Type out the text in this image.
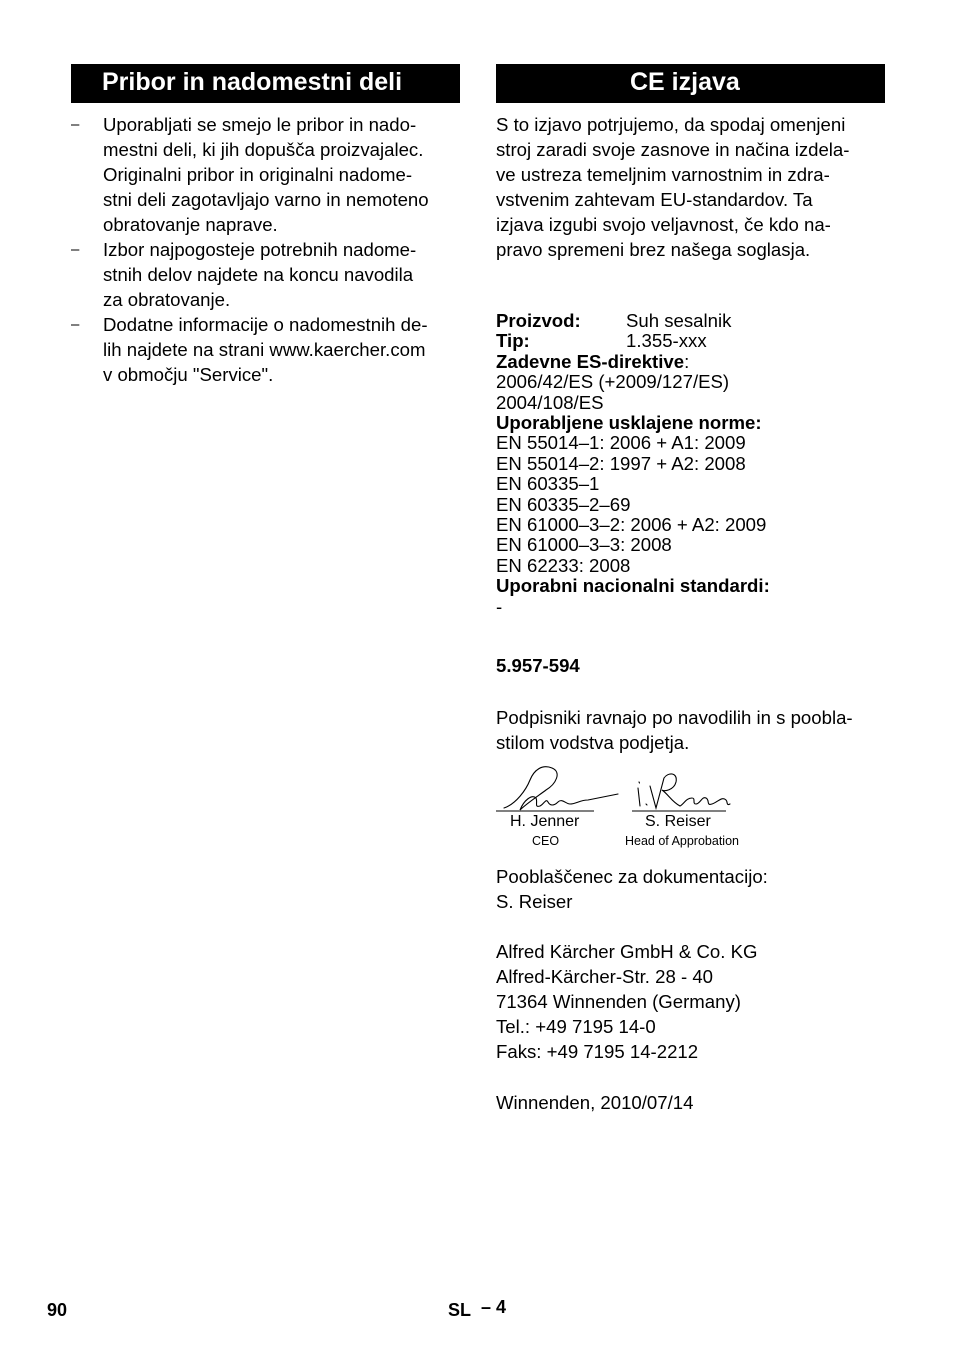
Pribor in nadomestni deli
– Uporabljati se smejo le pribor in nado-
mestni deli, ki jih dopušča proizvajalec.
Originalni pribor in originalni nadome-
stni deli zagotavljajo varno in nemoteno
obratovanje naprave.
– Izbor najpogosteje potrebnih nadome-
stnih delov najdete na koncu navodila
za obratovanje.
– Dodatne informacije o nadomestnih de-
lih najdete na strani www.kaercher.com
v območju "Service".
CE izjava
S to izjavo potrjujemo, da spodaj omenjeni
stroj zaradi svoje zasnove in načina izdela-
ve ustreza temeljnim varnostnim in zdra-
vstvenim zahtevam EU-standardov. Ta
izjava izgubi svojo veljavnost, če kdo na-
pravo spremeni brez našega soglasja.
Proizvod:	Suh sesalnik
Tip:	1.355-xxx
Zadevne ES-direktive:
2006/42/ES (+2009/127/ES)
2004/108/ES
Uporabljene usklajene norme:
EN 55014–1: 2006 + A1: 2009
EN 55014–2: 1997 + A2: 2008
EN 60335–1
EN 60335–2–69
EN 61000–3–2: 2006 + A2: 2009
EN 61000–3–3: 2008
EN 62233: 2008
Uporabni nacionalni standardi:
-
5.957-594
Podpisniki ravnajo po navodilih in s poobla-
stilom vodstva podjetja.
H. Jenner	S. Reiser
CEO	Head of Approbation
Pooblaščenec za dokumentacijo:
S. Reiser
Alfred Kärcher GmbH & Co. KG
Alfred-Kärcher-Str. 28 - 40
71364 Winnenden (Germany)
Tel.: +49 7195 14-0
Faks: +49 7195 14-2212
Winnenden, 2010/07/14
90	SL – 4
